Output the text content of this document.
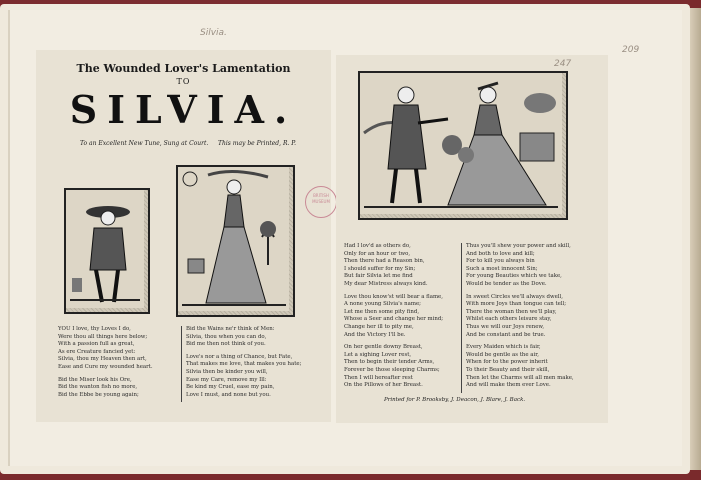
Silvia.
209
The Wounded Lover's Lamentation
TO
SILVIA.
To an Excellent New Tune, Sung at Court. This may be Printed, R. P.
YOU I love, thy Loves I do,
Were thou all things here below;
With a passion full as great,
As ere Creature fancied yet:
Silvia, thou my Heaven then art,
Ease and Cure my wounded heart.
Bid the Miser look his Ore,
Bid the wanton fish no more,
Bid the Ebbe be young again;
Bid the Wains ne'r think of Men:
Silvia, thou when you can do,
Bid me then not think of you.
Love's nor a thing of Chance, but Fate,
That makes me love, that makes you hate;
Silvia then be kinder you will,
Ease my Care, remove my Ill:
Be kind my Cruel, ease my pain,
Love I must, and none but you.
BRITISH MUSEUM
247
Had I lov'd as others do,
Only for an hour or two,
Then there had a Reason bin,
I should suffer for my Sin;
But fair Silvia let me find
My dear Mistress always kind.
Love thou know'st will bear a flame,
A none young Silvia's name;
Let me then some pity find,
Whose a Seer and change her mind;
Change her ill to pity me,
And the Victory I'll be.
On her gentle downy Breast,
Let a sighing Lover rest,
Then to begin their tender Arms,
Forever be those sleeping Charms;
Then I will hereafter rest
On the Pillows of her Breast.
Thus you'll shew your power and skill,
And both to love and kill;
For to kill you always bin
Such a most innocent Sin;
For young Beauties which we take,
Would be tender as the Dove.
In sweet Circles we'll always dwell,
With more Joys than tongue can tell;
There the woman then we'll play,
Whilst each others leisure stay,
Thus we will our Joys renew,
And be constant and be true.
Every Maiden which is fair,
Would be gentle as the air,
When for to the power inherit
To their Beauty and their skill,
Then let the Charms will all men make,
And will make them ever Love.
Printed for P. Brooksby, J. Deacon, J. Blare, J. Back.
